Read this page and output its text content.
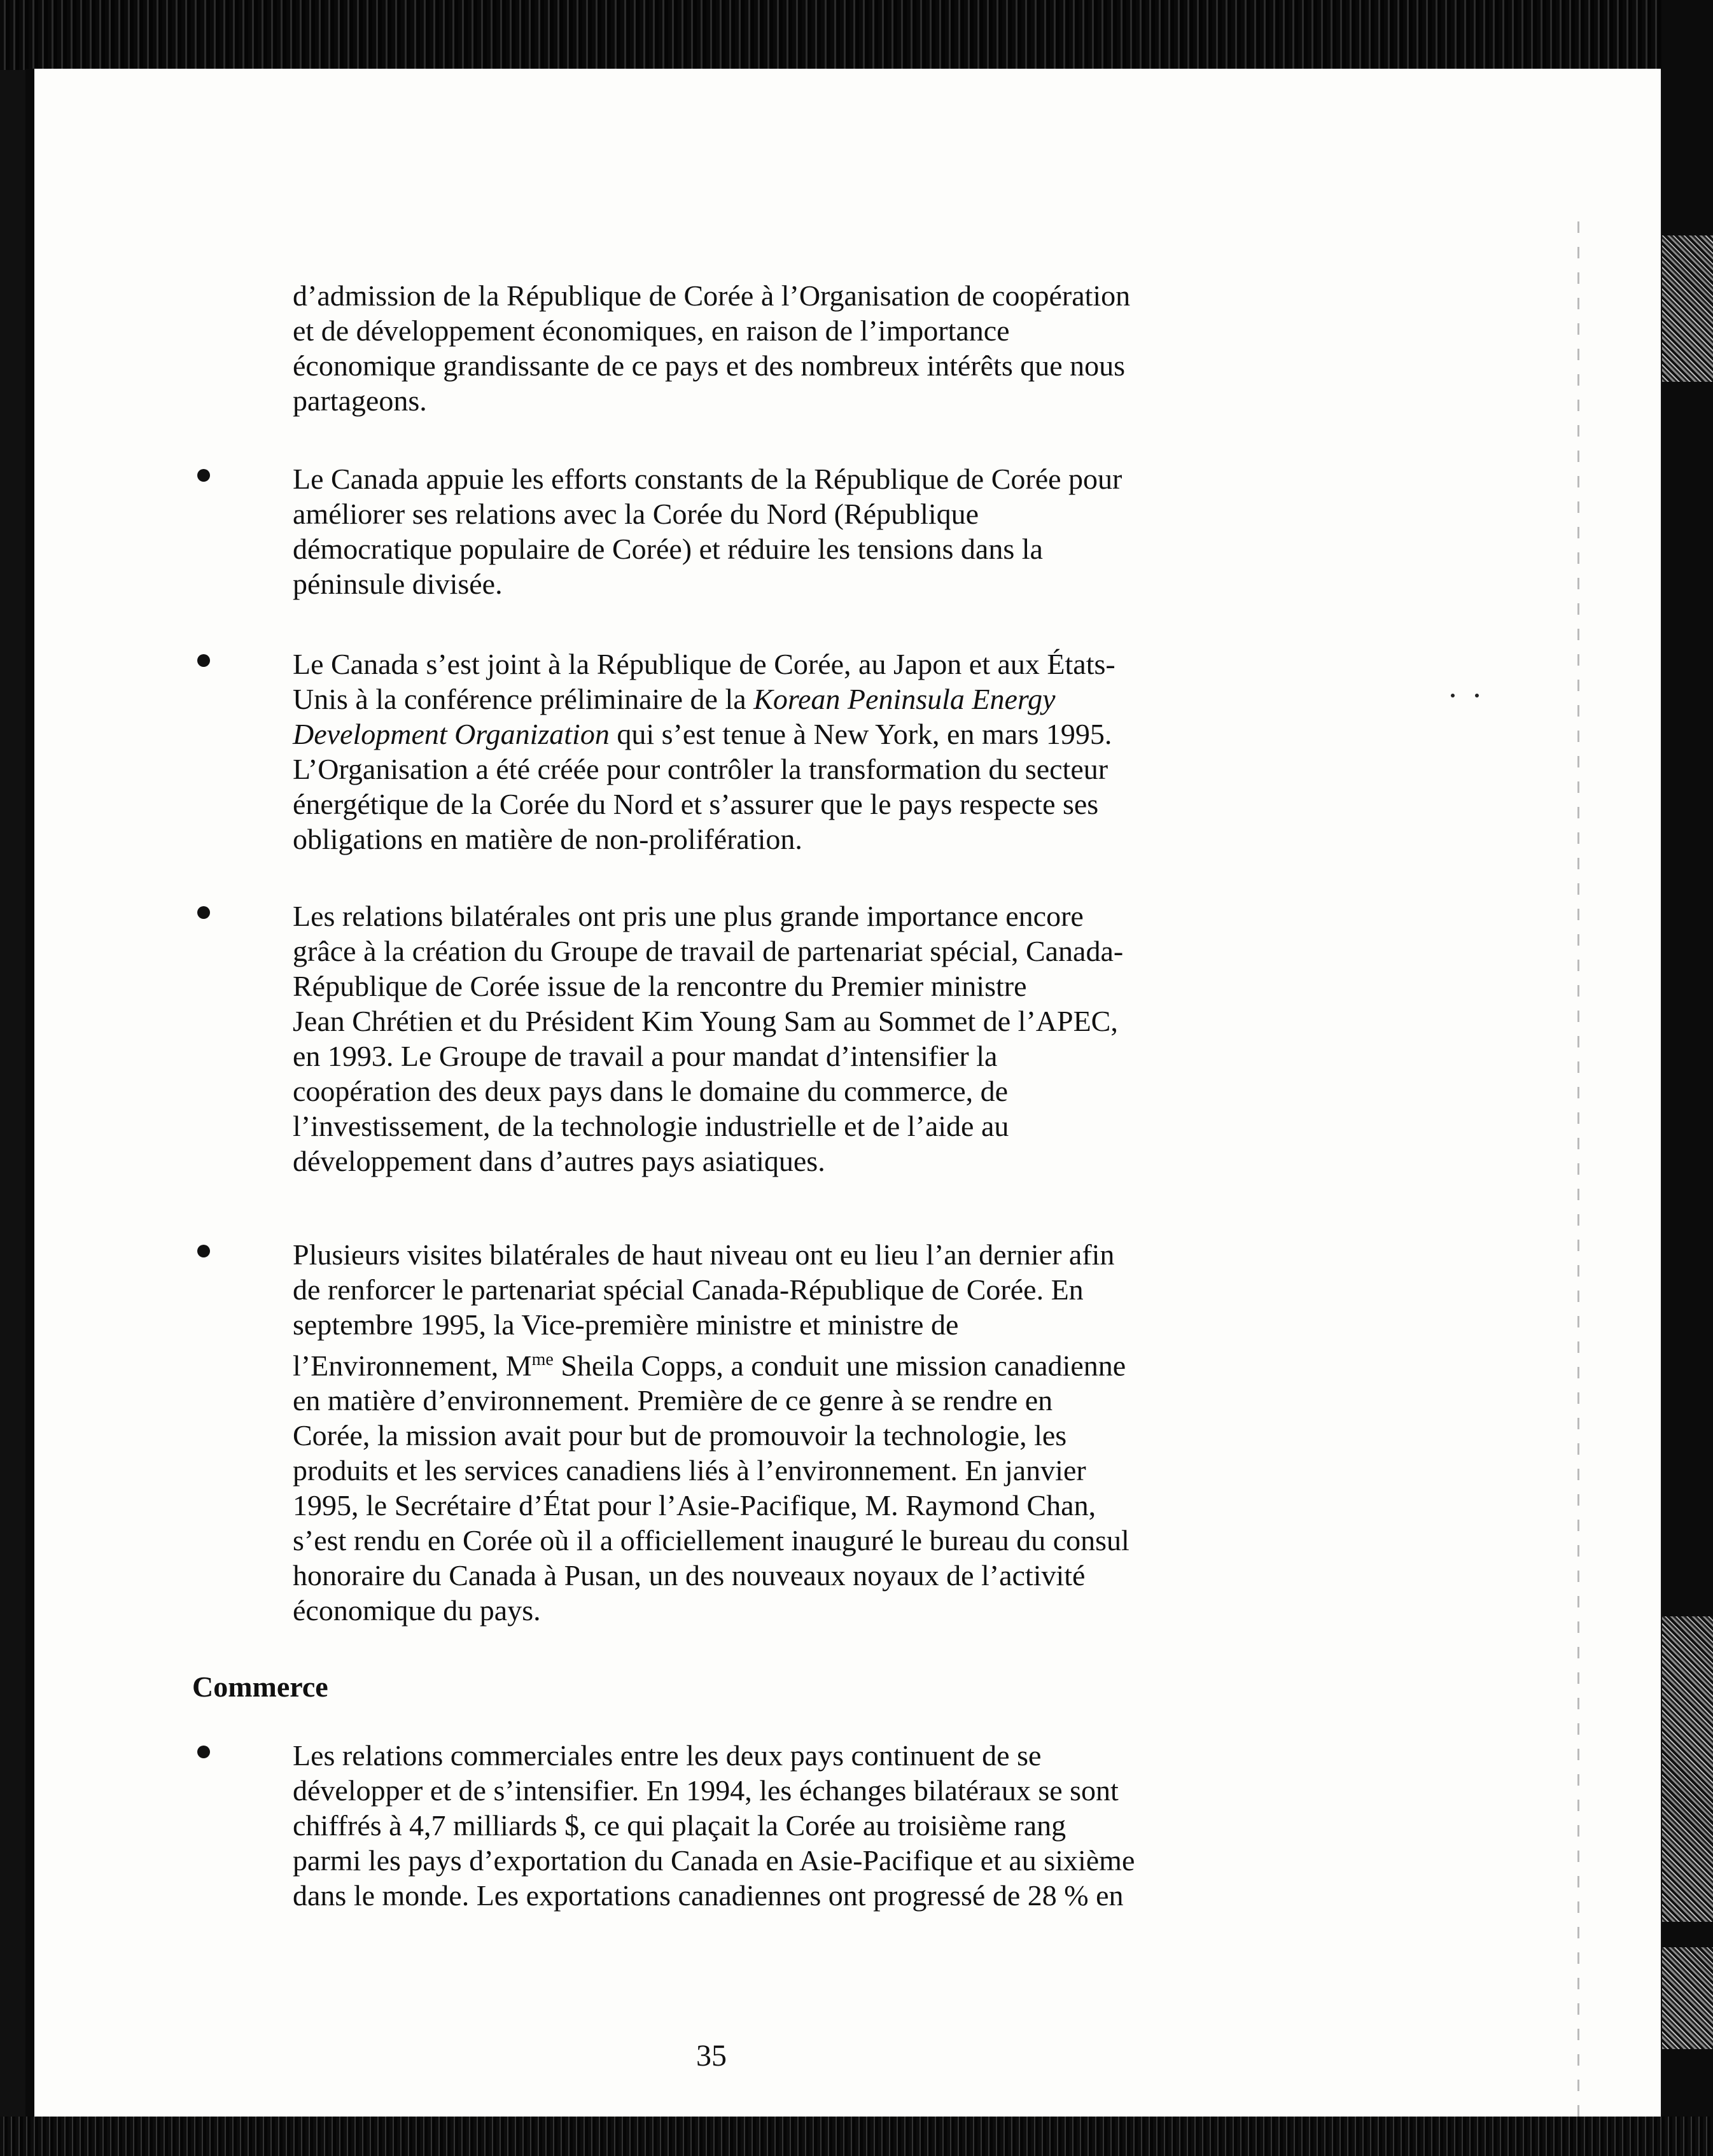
d’admission de la République de Corée à l’Organisation de coopération
et de développement économiques, en raison de l’importance
économique grandissante de ce pays et des nombreux intérêts que nous
partageons.
Le Canada appuie les efforts constants de la République de Corée pour
améliorer ses relations avec la Corée du Nord (République
démocratique populaire de Corée) et réduire les tensions dans la
péninsule divisée.
Le Canada s’est joint à la République de Corée, au Japon et aux États-
Unis à la conférence préliminaire de la Korean Peninsula Energy
Development Organization qui s’est tenue à New York, en mars 1995.
L’Organisation a été créée pour contrôler la transformation du secteur
énergétique de la Corée du Nord et s’assurer que le pays respecte ses
obligations en matière de non-prolifération.
Les relations bilatérales ont pris une plus grande importance encore
grâce à la création du Groupe de travail de partenariat spécial, Canada-
République de Corée issue de la rencontre du Premier ministre
Jean Chrétien et du Président Kim Young Sam au Sommet de l’APEC,
en 1993. Le Groupe de travail a pour mandat d’intensifier la
coopération des deux pays dans le domaine du commerce, de
l’investissement, de la technologie industrielle et de l’aide au
développement dans d’autres pays asiatiques.
Plusieurs visites bilatérales de haut niveau ont eu lieu l’an dernier afin
de renforcer le partenariat spécial Canada-République de Corée. En
septembre 1995, la Vice-première ministre et ministre de
l’Environnement, $M^{me}$ Sheila Copps, a conduit une mission canadienne
en matière d’environnement. Première de ce genre à se rendre en
Corée, la mission avait pour but de promouvoir la technologie, les
produits et les services canadiens liés à l’environnement. En janvier
1995, le Secrétaire d’État pour l’Asie-Pacifique, M. Raymond Chan,
s’est rendu en Corée où il a officiellement inauguré le bureau du consul
honoraire du Canada à Pusan, un des nouveaux noyaux de l’activité
économique du pays.
Commerce
Les relations commerciales entre les deux pays continuent de se
développer et de s’intensifier. En 1994, les échanges bilatéraux se sont
chiffrés à 4,7 milliards $, ce qui plaçait la Corée au troisième rang
parmi les pays d’exportation du Canada en Asie-Pacifique et au sixième
dans le monde. Les exportations canadiennes ont progressé de 28 % en
35
